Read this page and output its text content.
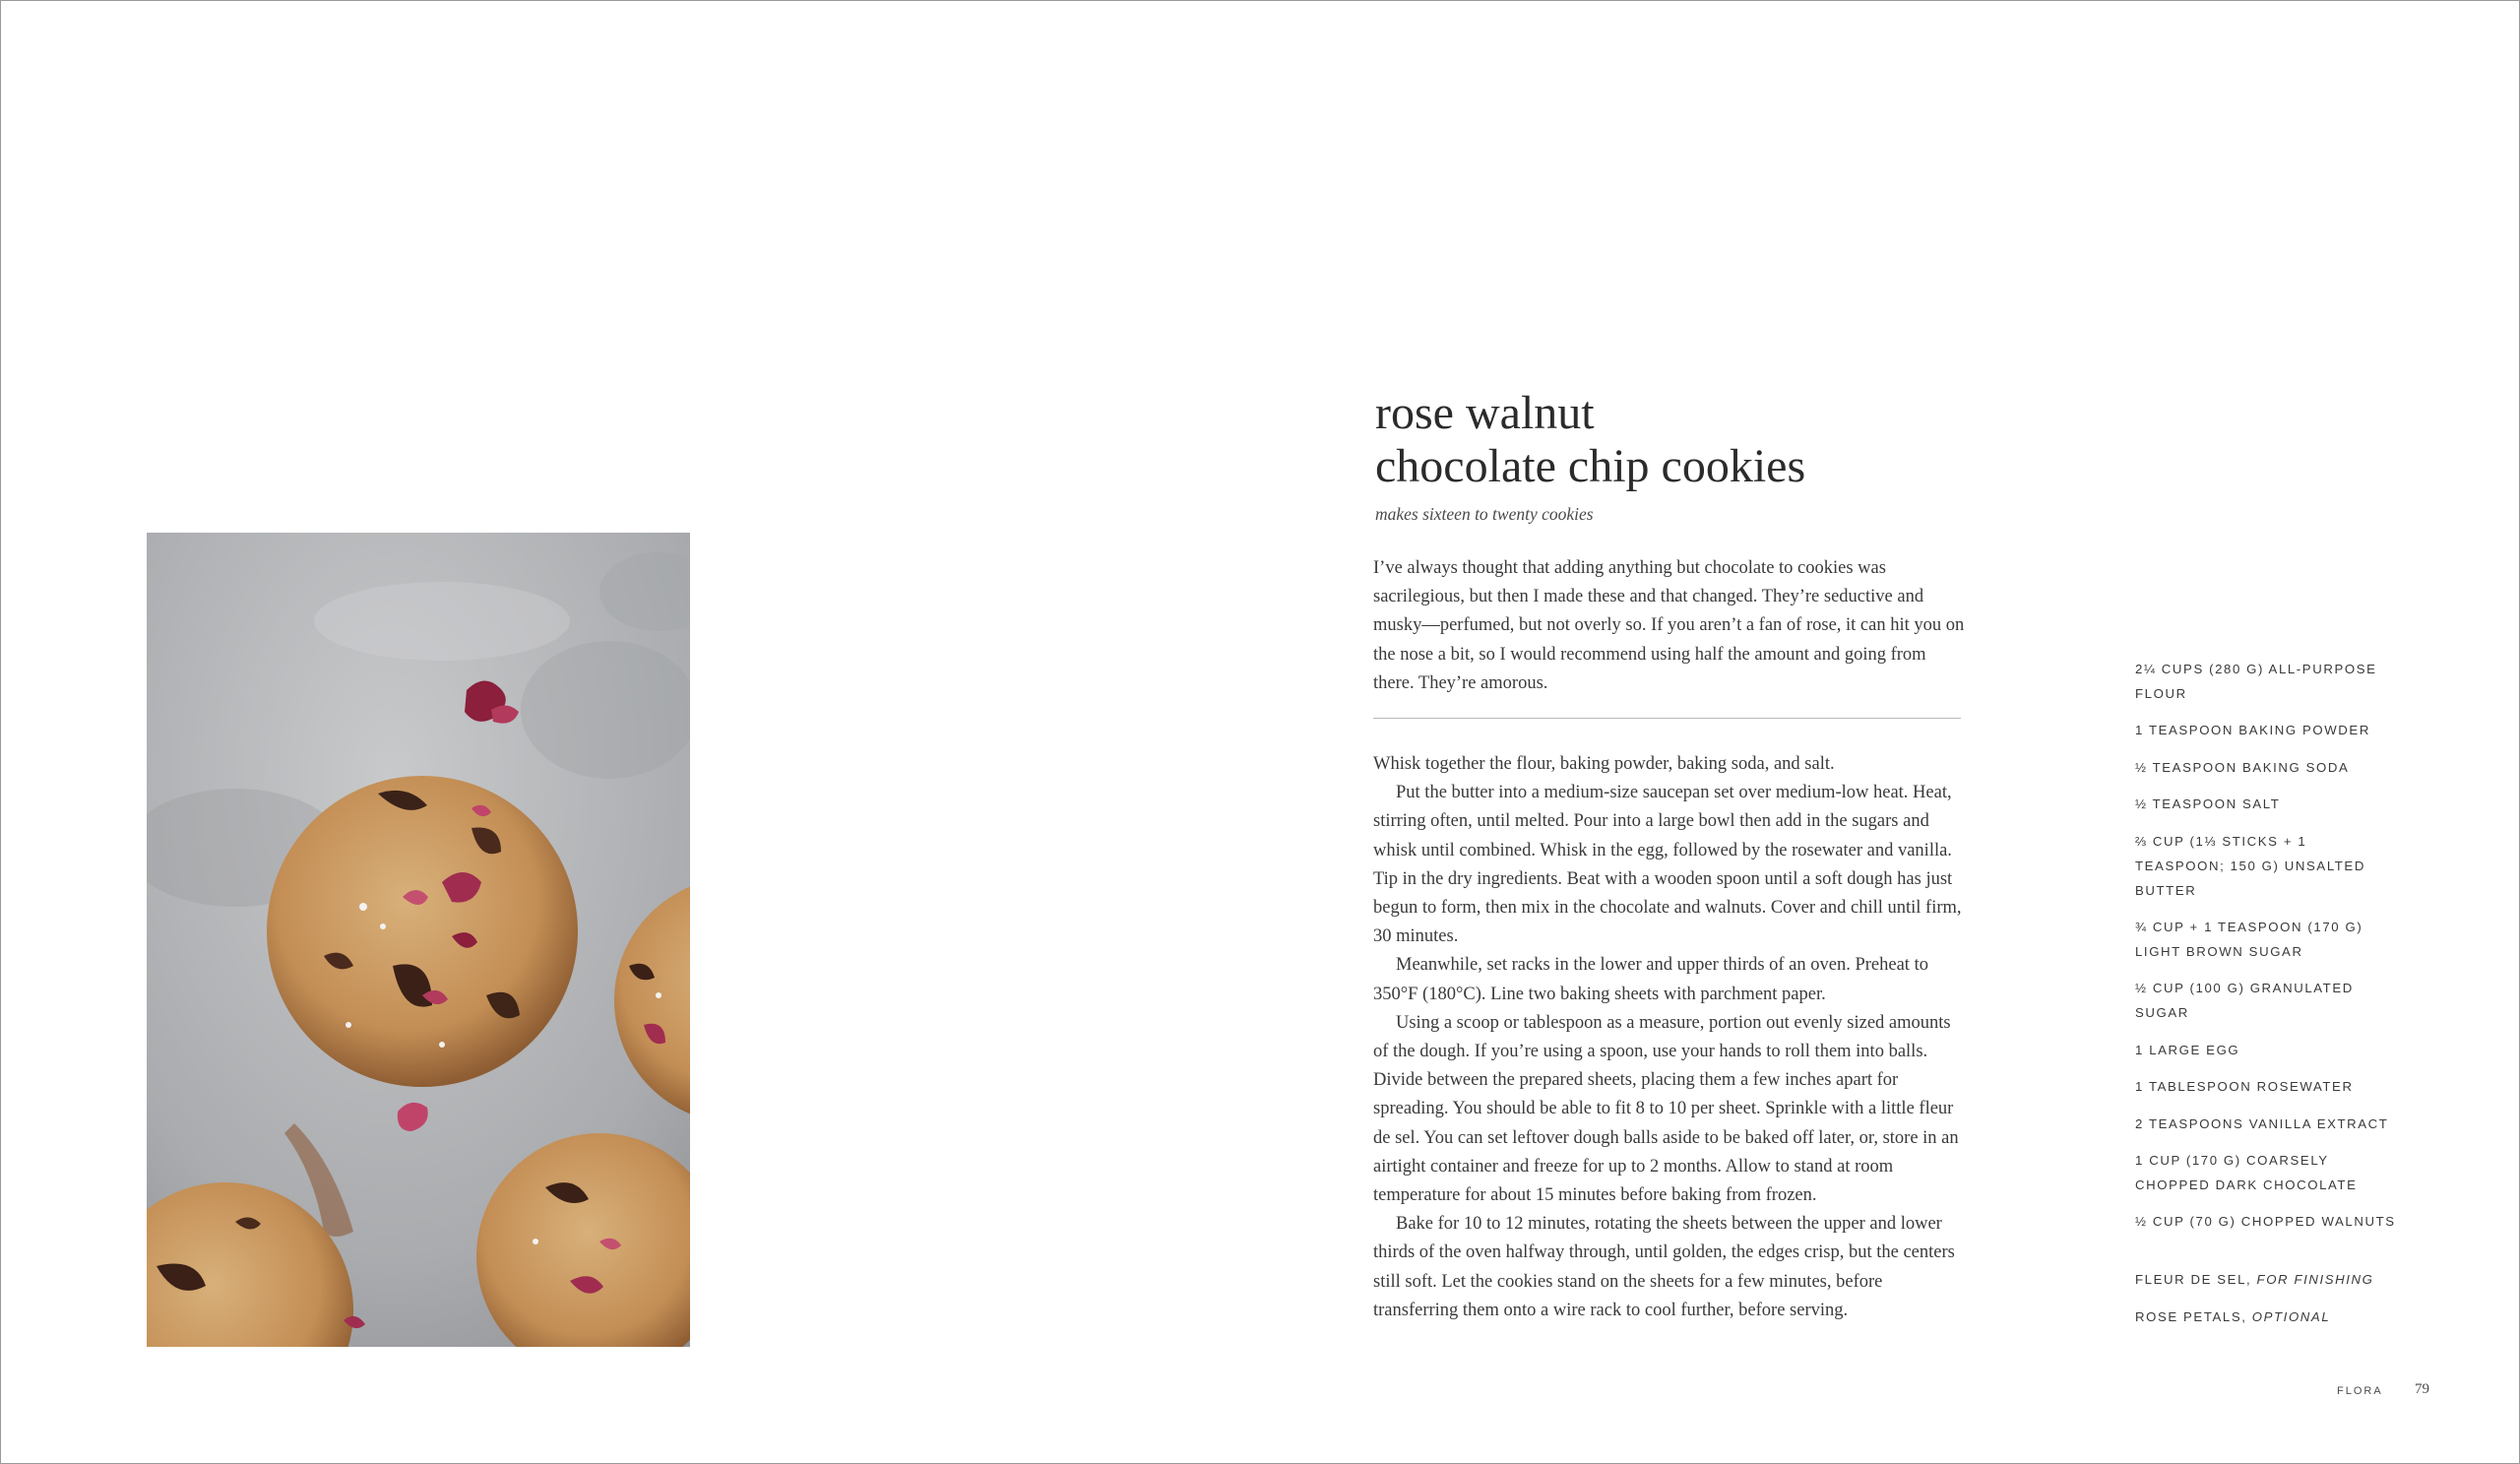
rose walnut
chocolate chip cookies
makes sixteen to twenty cookies

I’ve always thought that adding anything but chocolate to cookies was sacrilegious, but then I made these and that changed. They’re seductive and musky—perfumed, but not overly so. If you aren’t a fan of rose, it can hit you on the nose a bit, so I would recommend using half the amount and going from there. They’re amorous.

Whisk together the flour, baking powder, baking soda, and salt.

Put the butter into a medium-size saucepan set over medium-low heat. Heat, stirring often, until melted. Pour into a large bowl then add in the sugars and whisk until combined. Whisk in the egg, followed by the rosewater and vanilla. Tip in the dry ingredients. Beat with a wooden spoon until a soft dough has just begun to form, then mix in the chocolate and walnuts. Cover and chill until firm, 30 minutes.

Meanwhile, set racks in the lower and upper thirds of an oven. Preheat to 350°F (180°C). Line two baking sheets with parchment paper.

Using a scoop or tablespoon as a measure, portion out evenly sized amounts of the dough. If you’re using a spoon, use your hands to roll them into balls. Divide between the prepared sheets, placing them a few inches apart for spreading. You should be able to fit 8 to 10 per sheet. Sprinkle with a little fleur de sel. You can set leftover dough balls aside to be baked off later, or, store in an airtight container and freeze for up to 2 months. Allow to stand at room temperature for about 15 minutes before baking from frozen.

Bake for 10 to 12 minutes, rotating the sheets between the upper and lower thirds of the oven halfway through, until golden, the edges crisp, but the centers still soft. Let the cookies stand on the sheets for a few minutes, before transferring them onto a wire rack to cool further, before serving.

2¼ CUPS (280 G) ALL-PURPOSE FLOUR
1 TEASPOON BAKING POWDER
½ TEASPOON BAKING SODA
½ TEASPOON SALT
⅔ CUP (1⅓ STICKS + 1 TEASPOON; 150 G) UNSALTED BUTTER
¾ CUP + 1 TEASPOON (170 G) LIGHT BROWN SUGAR
½ CUP (100 G) GRANULATED SUGAR
1 LARGE EGG
1 TABLESPOON ROSEWATER
2 TEASPOONS VANILLA EXTRACT
1 CUP (170 G) COARSELY CHOPPED DARK CHOCOLATE
½ CUP (70 G) CHOPPED WALNUTS
FLEUR DE SEL, FOR FINISHING
ROSE PETALS, OPTIONAL
FLORA 79
